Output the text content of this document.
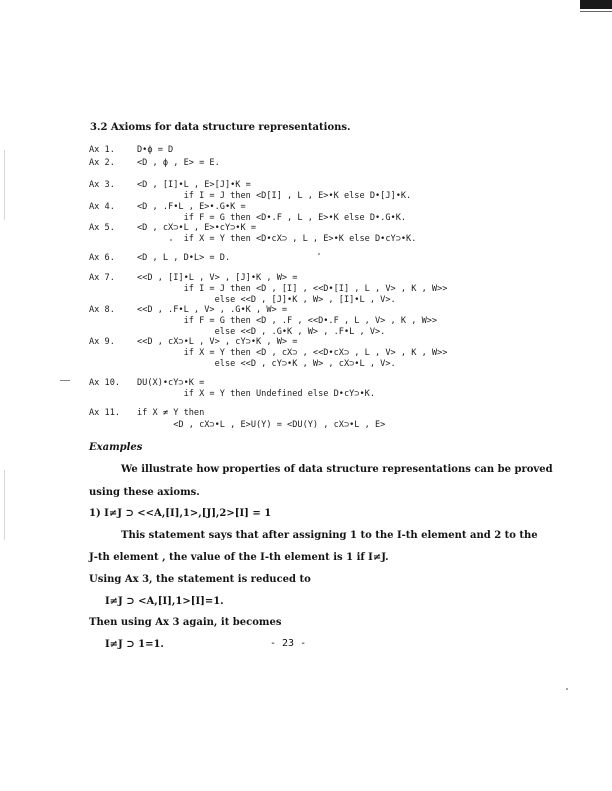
3.2 Axioms for data structure representations.
Ax 1.	D•ϕ = D
Ax 2.	<D , ϕ , E> = E.
Ax 3.	<D , [I]•L , E>[J]•K =
if I = J then <D[I] , L , E>•K else D•[J]•K.
Ax 4.	<D , .F•L , E>•.G•K =
if F = G then <D•.F , L , E>•K else D•.G•K.
Ax 5.	<D , cX⊃•L , E>•cY⊃•K =
if X = Y then <D•cX⊃ , L , E>•K else D•cY⊃•K.
Ax 6.	<D , L , D•L> = D.
Ax 7.	<<D , [I]•L , V> , [J]•K , W> =
if I = J then <D , [I] , <<D•[I] , L , V> , K , W>>
else <<D , [J]•K , W> , [I]•L , V>.
Ax 8.	<<D , .F•L , V> , .G•K , W> =
if F = G then <D , .F , <<D•.F , L , V> , K , W>>
else <<D , .G•K , W> , .F•L , V>.
Ax 9.	<<D , cX⊃•L , V> , cY⊃•K , W> =
if X = Y then <D , cX⊃ , <<D•cX⊃ , L , V> , K , W>>
else <<D , cY⊃•K , W> , cX⊃•L , V>.
Ax 10. DU(X)•cY⊃•K =
if X = Y then Undefined else D•cY⊃•K.
Ax 11. if X ≠ Y then
<D , cX⊃•L , E>U(Y) = <DU(Y) , cX⊃•L , E>
Examples

We illustrate how properties of data structure representations can be proved

using these axioms.

1) I≠J ⊃ <<A,[I],1>,[J],2>[I] = 1

This statement says that after assigning 1 to the I-th element and 2 to the

J-th element , the value of the I-th element is 1 if I≠J.

Using Ax 3, the statement is reduced to

I≠J ⊃ <A,[I],1>[I]=1.

Then using Ax 3 again, it becomes

I≠J ⊃ 1=1.	- 23 -
